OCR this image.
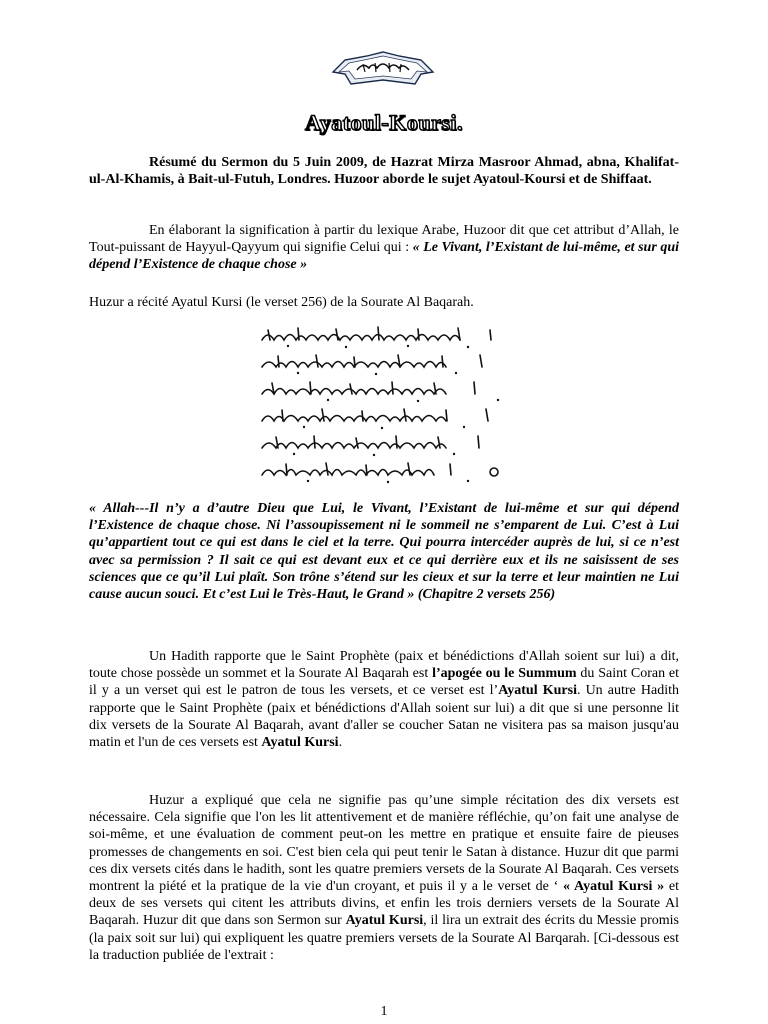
Ayatoul-Koursi.
Résumé du Sermon du 5 Juin 2009, de Hazrat Mirza Masroor Ahmad, abna, Khalifat-ul-Al-Khamis, à Bait-ul-Futuh, Londres. Huzoor aborde le sujet Ayatoul-Koursi et de Shiffaat.
En élaborant la signification à partir du lexique Arabe, Huzoor dit que cet attribut d’Allah, le Tout-puissant de Hayyul-Qayyum qui signifie Celui qui : « Le Vivant, l’Existant de lui-même, et sur qui dépend l’Existence de chaque chose »
Huzur a récité Ayatul Kursi (le verset 256) de la Sourate Al Baqarah.
« Allah---Il n’y a d’autre Dieu que Lui, le Vivant, l’Existant de lui-même et sur qui dépend l’Existence de chaque chose. Ni l’assoupissement ni le sommeil ne s’emparent de Lui. C’est à Lui qu’appartient tout ce qui est dans le ciel et la terre. Qui pourra intercéder auprès de lui, si ce n’est avec sa permission ? Il sait ce qui est devant eux et ce qui derrière eux et ils ne saisissent de ses sciences que ce qu’il Lui plaît. Son trône s’étend sur les cieux et sur la terre et leur maintien ne Lui cause aucun souci. Et c’est Lui le Très-Haut, le Grand » (Chapitre 2 versets 256)
Un Hadith rapporte que le Saint Prophète (paix et bénédictions d'Allah soient sur lui) a dit, toute chose possède un sommet et la Sourate Al Baqarah est l’apogée ou le Summum du Saint Coran et il y a un verset qui est le patron de tous les versets, et ce verset est l’Ayatul Kursi. Un autre Hadith rapporte que le Saint Prophète (paix et bénédictions d'Allah soient sur lui) a dit que si une personne lit dix versets de la Sourate Al Baqarah, avant d'aller se coucher Satan ne visitera pas sa maison jusqu'au matin et l'un de ces versets est Ayatul Kursi.
Huzur a expliqué que cela ne signifie pas qu’une simple récitation des dix versets est nécessaire. Cela signifie que l'on les lit attentivement et de manière réfléchie, qu’on fait une analyse de soi-même, et une évaluation de comment peut-on les mettre en pratique et ensuite faire de pieuses promesses de changements en soi. C'est bien cela qui peut tenir le Satan à distance. Huzur dit que parmi ces dix versets cités dans le hadith, sont les quatre premiers versets de la Sourate Al Baqarah. Ces versets montrent la piété et la pratique de la vie d'un croyant, et puis il y a le verset de ‘ « Ayatul Kursi » et deux de ses versets qui citent les attributs divins, et enfin les trois derniers versets de la Sourate Al Baqarah. Huzur dit que dans son Sermon sur Ayatul Kursi, il lira un extrait des écrits du Messie promis (la paix soit sur lui) qui expliquent les quatre premiers versets de la Sourate Al Barqarah. [Ci-dessous est la traduction publiée de l'extrait :
1
